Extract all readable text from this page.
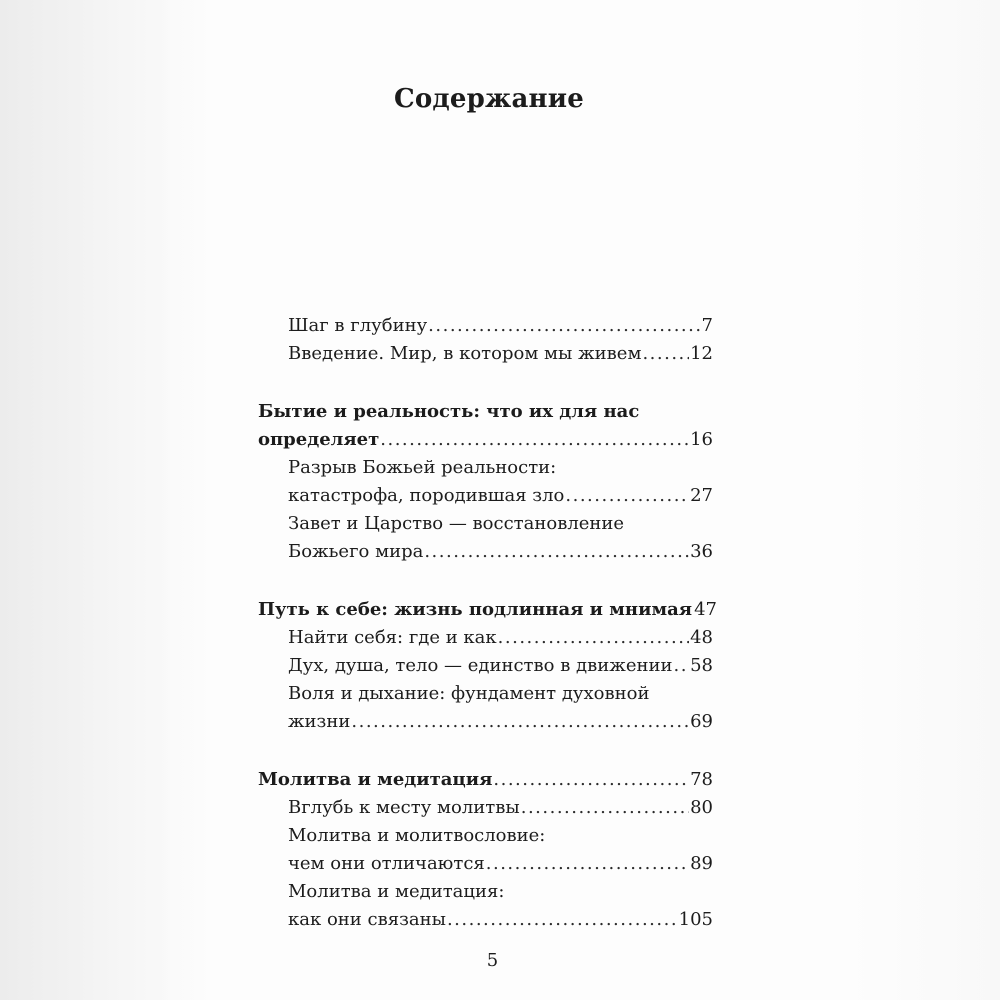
Содержание
Шаг в глубину .....	7
Введение. Мир, в котором мы живем .....	12
Бытие и реальность: что их для нас
определяет .....	16
Разрыв Божьей реальности:
катастрофа, породившая зло .....	27
Завет и Царство — восстановление
Божьего мира .....	36
Путь к себе: жизнь подлинная и мнимая 47
Найти себя: где и как .....	48
Дух, душа, тело — единство в движении ..... 58
Воля и дыхание: фундамент духовной
жизни .....	69
Молитва и медитация .....	78
Вглубь к месту молитвы .....	80
Молитва и молитвословие:
чем они отличаются .....	89
Молитва и медитация:
как они связаны .....	105
5
